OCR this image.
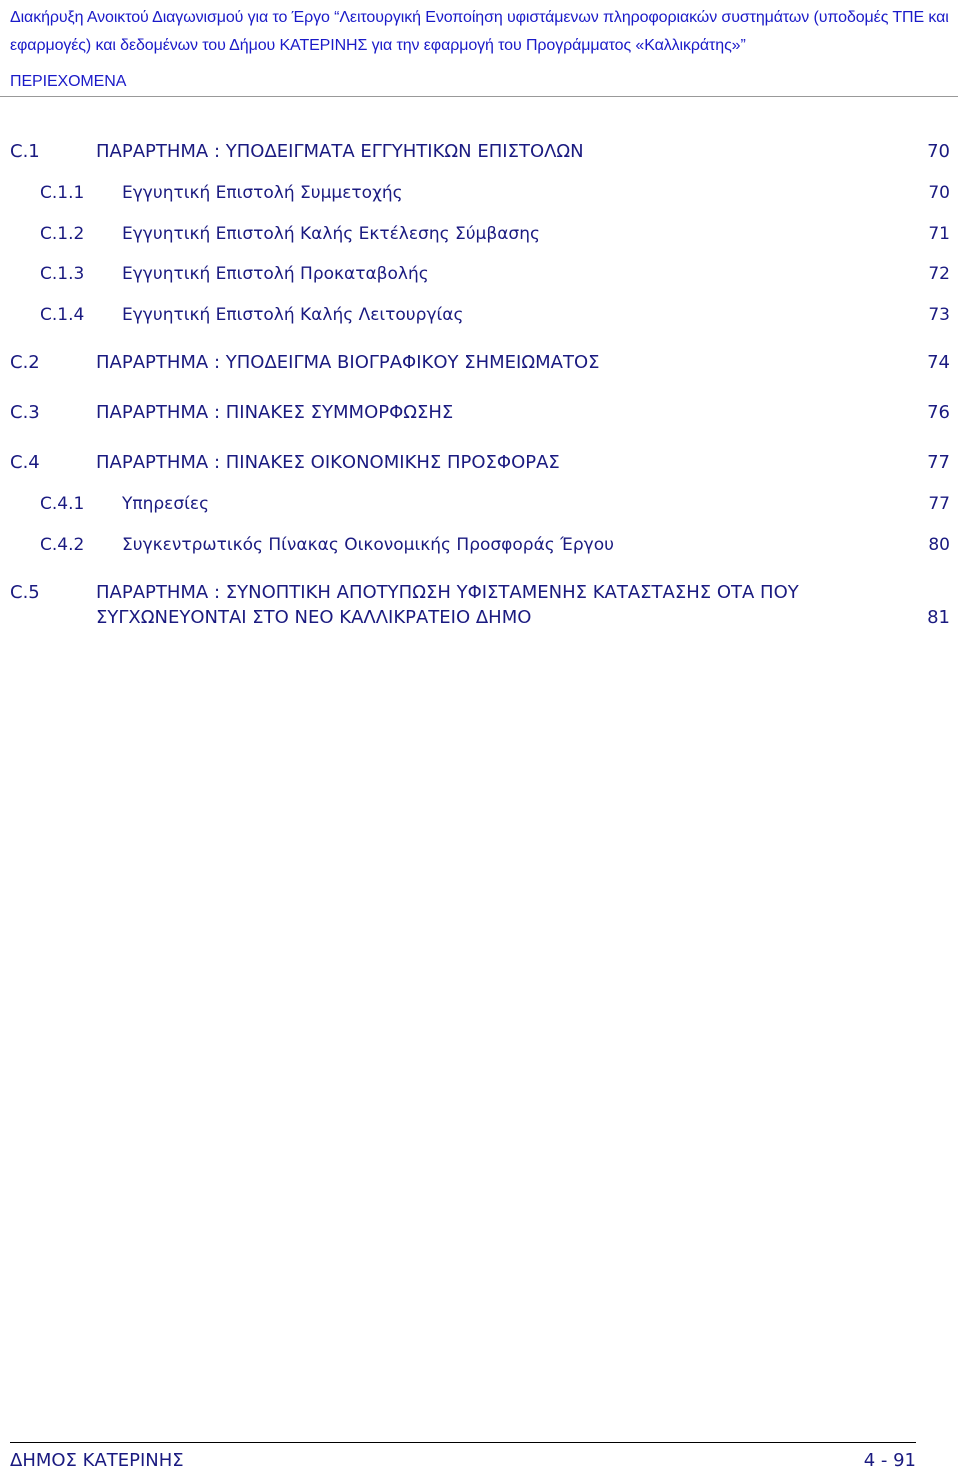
Διακήρυξη Ανοικτού Διαγωνισμού για το Έργο “Λειτουργική Ενοποίηση υφιστάμενων πληροφοριακών συστημάτων (υποδομές ΤΠΕ και
εφαρμογές) και δεδομένων του Δήμου ΚΑΤΕΡΙΝΗΣ για την εφαρμογή του Προγράμματος «Καλλικράτης»”
ΠΕΡΙΕΧΟΜΕΝΑ
C.1	ΠΑΡΑΡΤΗΜΑ : ΥΠΟΔΕΙΓΜΑΤΑ ΕΓΓΥΗΤΙΚΩΝ ΕΠΙΣΤΟΛΩΝ	70
C.1.1 Εγγυητική Επιστολή Συμμετοχής	70
C.1.2 Εγγυητική Επιστολή Καλής Εκτέλεσης Σύμβασης	71
C.1.3 Εγγυητική Επιστολή Προκαταβολής	72
C.1.4 Εγγυητική Επιστολή Καλής Λειτουργίας	73
C.2	ΠΑΡΑΡΤΗΜΑ : ΥΠΟΔΕΙΓΜΑ ΒΙΟΓΡΑΦΙΚΟΥ ΣΗΜΕΙΩΜΑΤΟΣ	74
C.3	ΠΑΡΑΡΤΗΜΑ : ΠΙΝΑΚΕΣ ΣΥΜΜΟΡΦΩΣΗΣ	76
C.4	ΠΑΡΑΡΤΗΜΑ : ΠΙΝΑΚΕΣ ΟΙΚΟΝΟΜΙΚΗΣ ΠΡΟΣΦΟΡΑΣ	77
C.4.1 Υπηρεσίες	77
C.4.2 Συγκεντρωτικός Πίνακας Οικονομικής Προσφοράς Έργου	80
C.5	ΠΑΡΑΡΤΗΜΑ : ΣΥΝΟΠΤΙΚΗ ΑΠΟΤΥΠΩΣΗ ΥΦΙΣΤΑΜΕΝΗΣ ΚΑΤΑΣΤΑΣΗΣ ΟΤΑ ΠΟΥ
ΣΥΓΧΩΝΕΥΟΝΤΑΙ ΣΤΟ ΝΕΟ ΚΑΛΛΙΚΡΑΤΕΙΟ ΔΗΜΟ	81
ΔΗΜΟΣ ΚΑΤΕΡΙΝΗΣ	4 - 91
